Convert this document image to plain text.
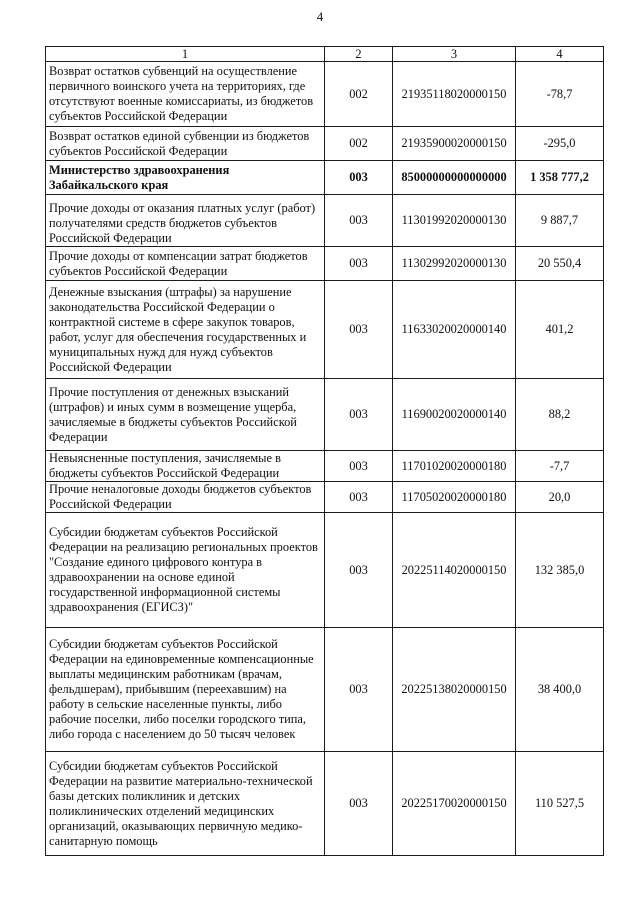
4
1	2	3	4
Возврат остатков субвенций на осуществление первичного воинского учета на территориях, где отсутствуют военные комиссариаты, из бюджетов субъектов Российской Федерации	002	21935118020000150	-78,7
Возврат остатков единой субвенции из бюджетов субъектов Российской Федерации	002	21935900020000150	-295,0
Министерство здравоохранения Забайкальского края	003	85000000000000000	1 358 777,2
Прочие доходы от оказания платных услуг (работ) получателями средств бюджетов субъектов Российской Федерации	003	11301992020000130	9 887,7
Прочие доходы от компенсации затрат бюджетов субъектов Российской Федерации	003	11302992020000130	20 550,4
Денежные взыскания (штрафы) за нарушение законодательства Российской Федерации о контрактной системе в сфере закупок товаров, работ, услуг для обеспечения государственных и муниципальных нужд для нужд субъектов Российской Федерации	003	11633020020000140	401,2
Прочие поступления от денежных взысканий (штрафов) и иных сумм в возмещение ущерба, зачисляемые в бюджеты субъектов Российской Федерации	003	11690020020000140	88,2
Невыясненные поступления, зачисляемые в бюджеты субъектов Российской Федерации	003	11701020020000180	-7,7
Прочие неналоговые доходы бюджетов субъектов Российской Федерации	003	11705020020000180	20,0
Субсидии бюджетам субъектов Российской Федерации на реализацию региональных проектов "Создание единого цифрового контура в здравоохранении на основе единой государственной информационной системы здравоохранения (ЕГИСЗ)"	003	20225114020000150	132 385,0
Субсидии бюджетам субъектов Российской Федерации на единовременные компенсационные выплаты медицинским работникам (врачам, фельдшерам), прибывшим (переехавшим) на работу в сельские населенные пункты, либо рабочие поселки, либо поселки городского типа, либо города с населением до 50 тысяч человек	003	20225138020000150	38 400,0
Субсидии бюджетам субъектов Российской Федерации на развитие материально-технической базы детских поликлиник и детских поликлинических отделений медицинских организаций, оказывающих первичную медико-санитарную помощь	003	20225170020000150	110 527,5
